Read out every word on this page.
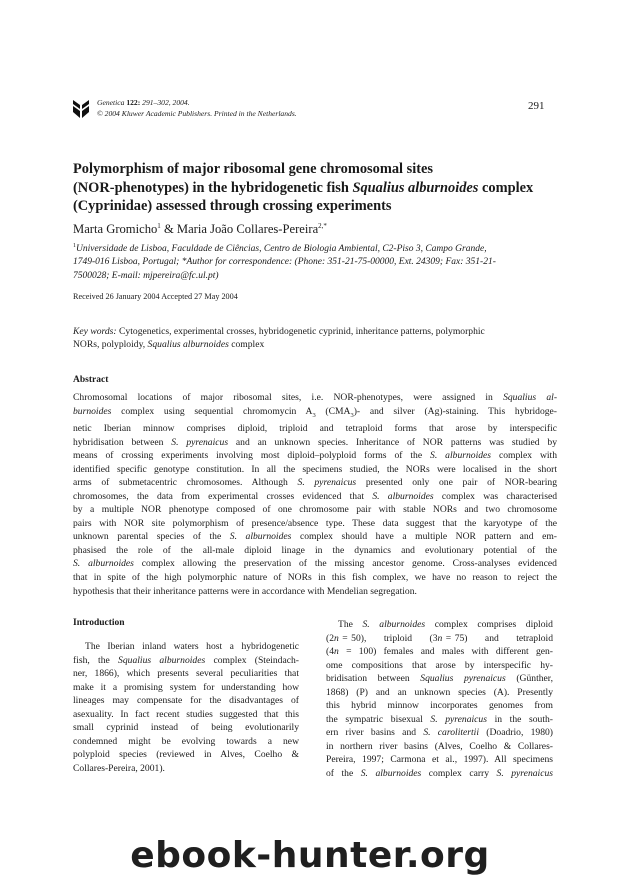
Genetica 122: 291–302, 2004.
© 2004 Kluwer Academic Publishers. Printed in the Netherlands.
291
Polymorphism of major ribosomal gene chromosomal sites
(NOR-phenotypes) in the hybridogenetic fish Squalius alburnoides complex
(Cyprinidae) assessed through crossing experiments
Marta Gromicho$^1$ & Maria João Collares-Pereira$^{2,*}$
$^1$Universidade de Lisboa, Faculdade de Ciências, Centro de Biologia Ambiental, C2-Piso 3, Campo Grande,
1749-016 Lisboa, Portugal; *Author for correspondence: (Phone: 351-21-75-00000, Ext. 24309; Fax: 351-21-
7500028; E-mail: mjpereira@fc.ul.pt)
Received 26 January 2004 Accepted 27 May 2004
Key words: Cytogenetics, experimental crosses, hybridogenetic cyprinid, inheritance patterns, polymorphic
NORs, polyploidy, Squalius alburnoides complex
Abstract
Chromosomal locations of major ribosomal sites, i.e. NOR-phenotypes, were assigned in Squalius al-
burnoides complex using sequential chromomycin $A_3$ $(CMA_3)-$ and silver (Ag)-staining. This hybridoge-
netic Iberian minnow comprises diploid, triploid and tetraploid forms that arose by interspecific
hybridisation between S. pyrenaicus and an unknown species. Inheritance of NOR patterns was studied by
means of crossing experiments involving most diploid–polyploid forms of the S. alburnoides complex with
identified specific genotype constitution. In all the specimens studied, the NORs were localised in the short
arms of submetacentric chromosomes. Although S. pyrenaicus presented only one pair of NOR-bearing
chromosomes, the data from experimental crosses evidenced that S. alburnoides complex was characterised
by a multiple NOR phenotype composed of one chromosome pair with stable NORs and two chromosome
pairs with NOR site polymorphism of presence/absence type. These data suggest that the karyotype of the
unknown parental species of the S. alburnoides complex should have a multiple NOR pattern and em-
phasised the role of the all-male diploid linage in the dynamics and evolutionary potential of the
S. alburnoides complex allowing the preservation of the missing ancestor genome. Cross-analyses evidenced
that in spite of the high polymorphic nature of NORs in this fish complex, we have no reason to reject the
hypothesis that their inheritance patterns were in accordance with Mendelian segregation.
Introduction
The Iberian inland waters host a hybridogenetic
fish, the Squalius alburnoides complex (Steindach-
ner, 1866), which presents several peculiarities that
make it a promising system for understanding how
lineages may compensate for the disadvantages of
asexuality. In fact recent studies suggested that this
small cyprinid instead of being evolutionarily
condemned might be evolving towards a new
polyploid species (reviewed in Alves, Coelho &
Collares-Pereira, 2001).
The S. alburnoides complex comprises diploid
(2n = 50),     triploid     (3n = 75)     and     tetraploid
(4n = 100) females and males with different gen-
ome compositions that arose by interspecific hy-
bridisation between Squalius pyrenaicus (Günther,
1868) (P) and an unknown species (A). Presently
this hybrid minnow incorporates genomes from
the sympatric bisexual S. pyrenaicus in the south-
ern river basins and S. carolitertii (Doadrio, 1980)
in northern river basins (Alves, Coelho & Collares-
Pereira, 1997; Carmona et al., 1997). All specimens
of the S. alburnoides complex carry S. pyrenaicus
ebook-hunter.org
